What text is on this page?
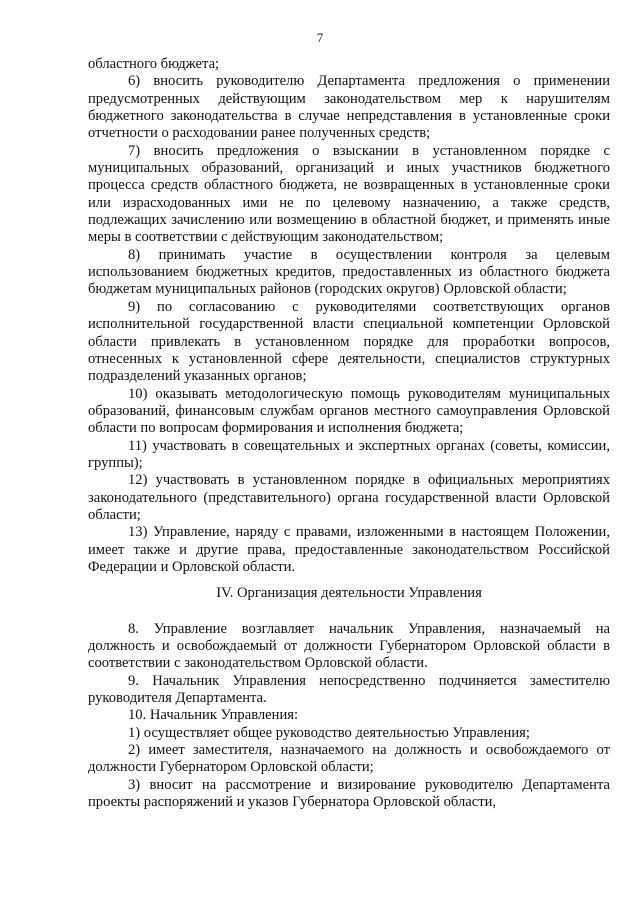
7

областного бюджета;

6) вносить руководителю Департамента предложения о применении предусмотренных действующим законодательством мер к нарушителям бюджетного законодательства в случае непредставления в установленные сроки отчетности о расходовании ранее полученных средств;

7) вносить предложения о взыскании в установленном порядке с муниципальных образований, организаций и иных участников бюджетного процесса средств областного бюджета, не возвращенных в установленные сроки или израсходованных ими не по целевому назначению, а также средств, подлежащих зачислению или возмещению в областной бюджет, и применять иные меры в соответствии с действующим законодательством;

8) принимать участие в осуществлении контроля за целевым использованием бюджетных кредитов, предоставленных из областного бюджета бюджетам муниципальных районов (городских округов) Орловской области;

9) по согласованию с руководителями соответствующих органов исполнительной государственной власти специальной компетенции Орловской области привлекать в установленном порядке для проработки вопросов, отнесенных к установленной сфере деятельности, специалистов структурных подразделений указанных органов;

10) оказывать методологическую помощь руководителям муниципальных образований, финансовым службам органов местного самоуправления Орловской области по вопросам формирования и исполнения бюджета;

11) участвовать в совещательных и экспертных органах (советы, комиссии, группы);

12) участвовать в установленном порядке в официальных мероприятиях законодательного (представительного) органа государственной власти Орловской области;

13) Управление, наряду с правами, изложенными в настоящем Положении, имеет также и другие права, предоставленные законодательством Российской Федерации и Орловской области.

IV. Организация деятельности Управления

8. Управление возглавляет начальник Управления, назначаемый на должность и освобождаемый от должности Губернатором Орловской области в соответствии с законодательством Орловской области.

9. Начальник Управления непосредственно подчиняется заместителю руководителя Департамента.

10. Начальник Управления:

1) осуществляет общее руководство деятельностью Управления;

2) имеет заместителя, назначаемого на должность и освобождаемого от должности Губернатором Орловской области;

3) вносит на рассмотрение и визирование руководителю Департамента проекты распоряжений и указов Губернатора Орловской области,
